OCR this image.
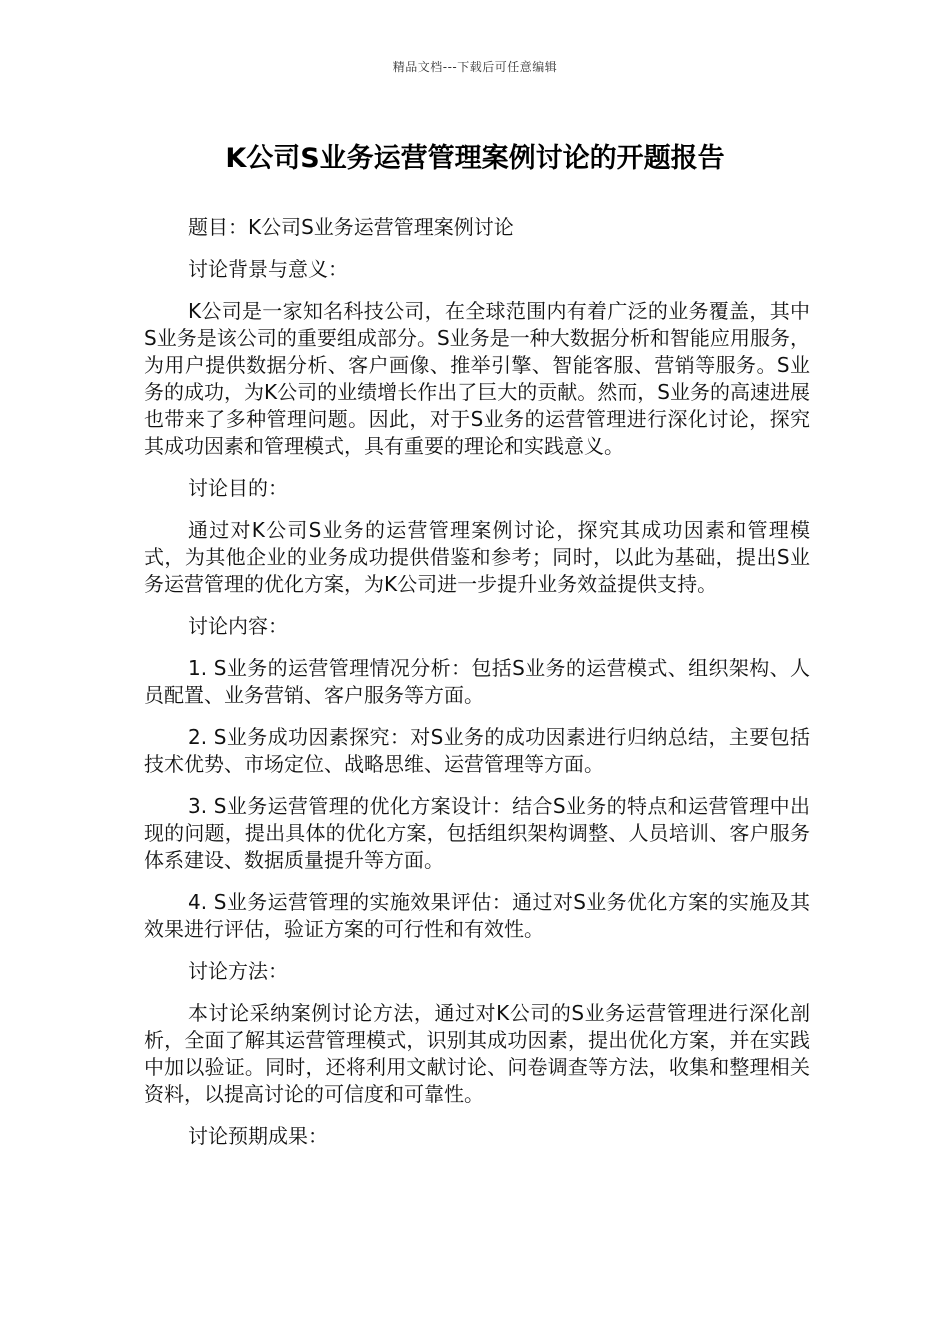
精品文档---下载后可任意编辑
K公司S业务运营管理案例讨论的开题报告

题目：K公司S业务运营管理案例讨论

讨论背景与意义：

K公司是一家知名科技公司，在全球范围内有着广泛的业务覆盖，其中S业务是该公司的重要组成部分。S业务是一种大数据分析和智能应用服务，为用户提供数据分析、客户画像、推举引擎、智能客服、营销等服务。S业务的成功，为K公司的业绩增长作出了巨大的贡献。然而，S业务的高速进展也带来了多种管理问题。因此，对于S业务的运营管理进行深化讨论，探究其成功因素和管理模式，具有重要的理论和实践意义。

讨论目的：

通过对K公司S业务的运营管理案例讨论，探究其成功因素和管理模式，为其他企业的业务成功提供借鉴和参考；同时，以此为基础，提出S业务运营管理的优化方案，为K公司进一步提升业务效益提供支持。

讨论内容：

1. S业务的运营管理情况分析：包括S业务的运营模式、组织架构、人员配置、业务营销、客户服务等方面。

2. S业务成功因素探究：对S业务的成功因素进行归纳总结，主要包括技术优势、市场定位、战略思维、运营管理等方面。

3. S业务运营管理的优化方案设计：结合S业务的特点和运营管理中出现的问题，提出具体的优化方案，包括组织架构调整、人员培训、客户服务体系建设、数据质量提升等方面。

4. S业务运营管理的实施效果评估：通过对S业务优化方案的实施及其效果进行评估，验证方案的可行性和有效性。

讨论方法：

本讨论采纳案例讨论方法，通过对K公司的S业务运营管理进行深化剖析，全面了解其运营管理模式，识别其成功因素，提出优化方案，并在实践中加以验证。同时，还将利用文献讨论、问卷调查等方法，收集和整理相关资料，以提高讨论的可信度和可靠性。

讨论预期成果：
